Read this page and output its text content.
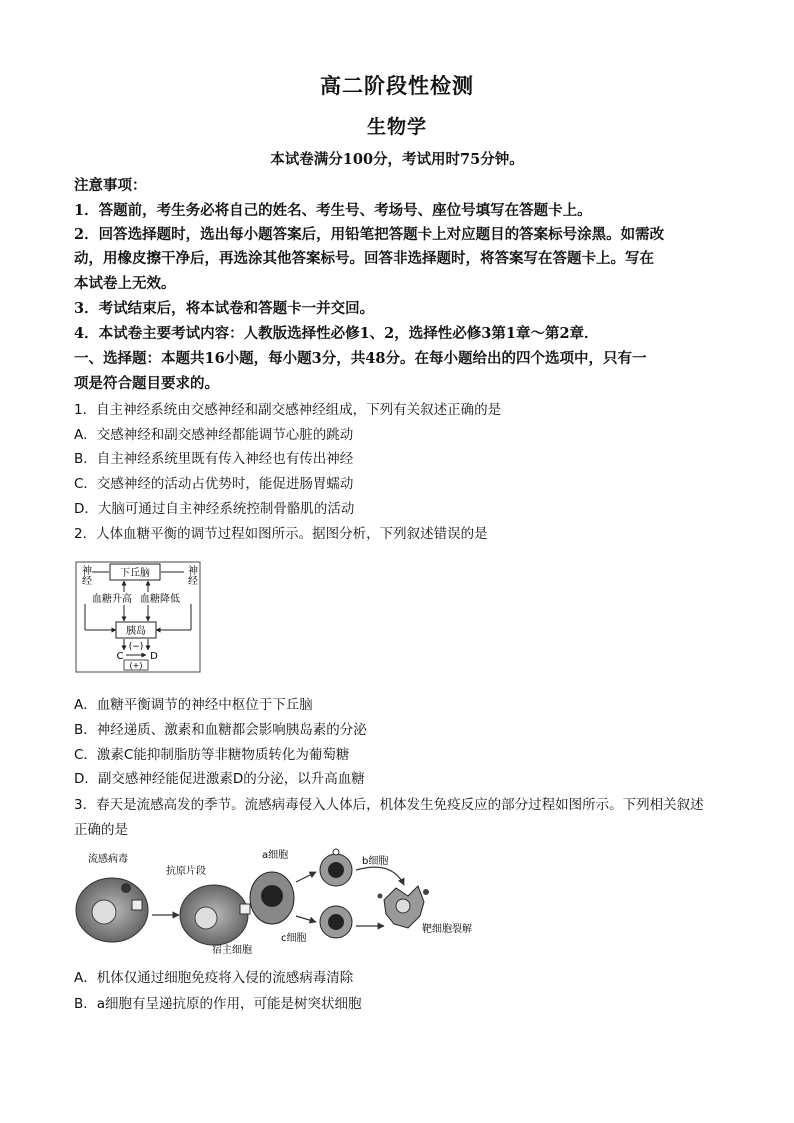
高二阶段性检测
生物学
本试卷满分100分，考试用时75分钟。
注意事项：
1．答题前，考生务必将自己的姓名、考生号、考场号、座位号填写在答题卡上。
2．回答选择题时，选出每小题答案后，用铅笔把答题卡上对应题目的答案标号涂黑。如需改
动，用橡皮擦干净后，再选涂其他答案标号。回答非选择题时，将答案写在答题卡上。写在
本试卷上无效。
3．考试结束后，将本试卷和答题卡一并交回。
4．本试卷主要考试内容：人教版选择性必修1、2，选择性必修3第1章～第2章．
一、选择题：本题共16小题，每小题3分，共48分。在每小题给出的四个选项中，只有一
项是符合题目要求的。
1．自主神经系统由交感神经和副交感神经组成，下列有关叙述正确的是
A．交感神经和副交感神经都能调节心脏的跳动
B．自主神经系统里既有传入神经也有传出神经
C．交感神经的活动占优势时，能促进肠胃蠕动
D．大脑可通过自主神经系统控制骨骼肌的活动
2．人体血糖平衡的调节过程如图所示。据图分析，下列叙述错误的是
下丘脑
神经	神经
血糖升高 血糖降低
胰岛
C	D
(−)
(+)
A．血糖平衡调节的神经中枢位于下丘脑
B．神经递质、激素和血糖都会影响胰岛素的分泌
C．激素C能抑制脂肪等非糖物质转化为葡萄糖
D．副交感神经能促进激素D的分泌，以升高血糖
3．春天是流感高发的季节。流感病毒侵入人体后，机体发生免疫反应的部分过程如图所示。下列相关叙述
正确的是
流感病毒
抗原片段
a细胞
b细胞
c细胞
宿主细胞
靶细胞裂解
A．机体仅通过细胞免疫将入侵的流感病毒清除
B．a细胞有呈递抗原的作用，可能是树突状细胞
